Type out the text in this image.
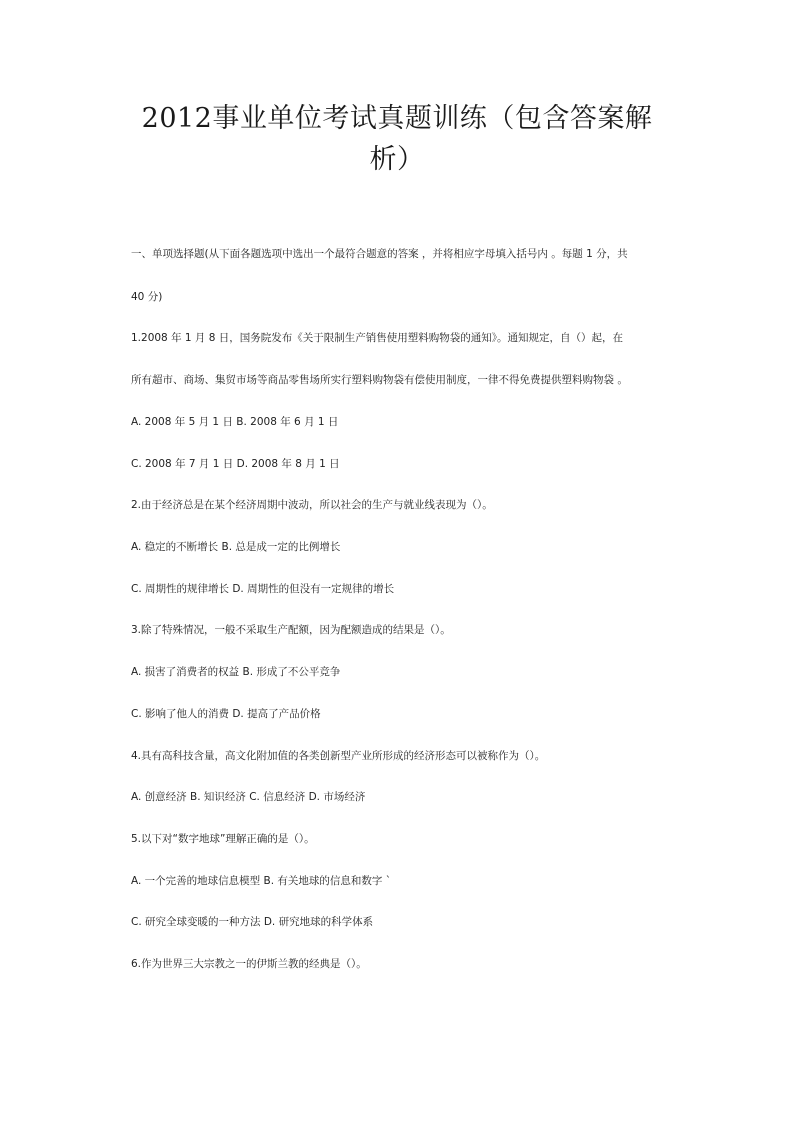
2012事业单位考试真题训练（包含答案解
析）
一、单项选择题(从下面各题选项中选出一个最符合题意的答案 ，并将相应字母填入括号内 。每题 1 分，共
40 分)
1.2008 年 1 月 8 日，国务院发布《关于限制生产销售使用塑料购物袋的通知》。通知规定，自（）起，在
所有超市、商场、集贸市场等商品零售场所实行塑料购物袋有偿使用制度，一律不得免费提供塑料购物袋 。
A. 2008 年 5 月 1 日 B. 2008 年 6 月 1 日
C. 2008 年 7 月 1 日 D. 2008 年 8 月 1 日
2.由于经济总是在某个经济周期中波动，所以社会的生产与就业线表现为（）。
A. 稳定的不断增长 B. 总是成一定的比例增长
C. 周期性的规律增长 D. 周期性的但没有一定规律的增长
3.除了特殊情况，一般不采取生产配额，因为配额造成的结果是（）。
A. 损害了消费者的权益 B. 形成了不公平竞争
C. 影响了他人的消费 D. 提高了产品价格
4.具有高科技含量，高文化附加值的各类创新型产业所形成的经济形态可以被称作为（）。
A. 创意经济 B. 知识经济 C. 信息经济 D. 市场经济
5.以下对“数字地球”理解正确的是（）。
A. 一个完善的地球信息模型 B. 有关地球的信息和数字 `
C. 研究全球变暖的一种方法 D. 研究地球的科学体系
6.作为世界三大宗教之一的伊斯兰教的经典是（）。
